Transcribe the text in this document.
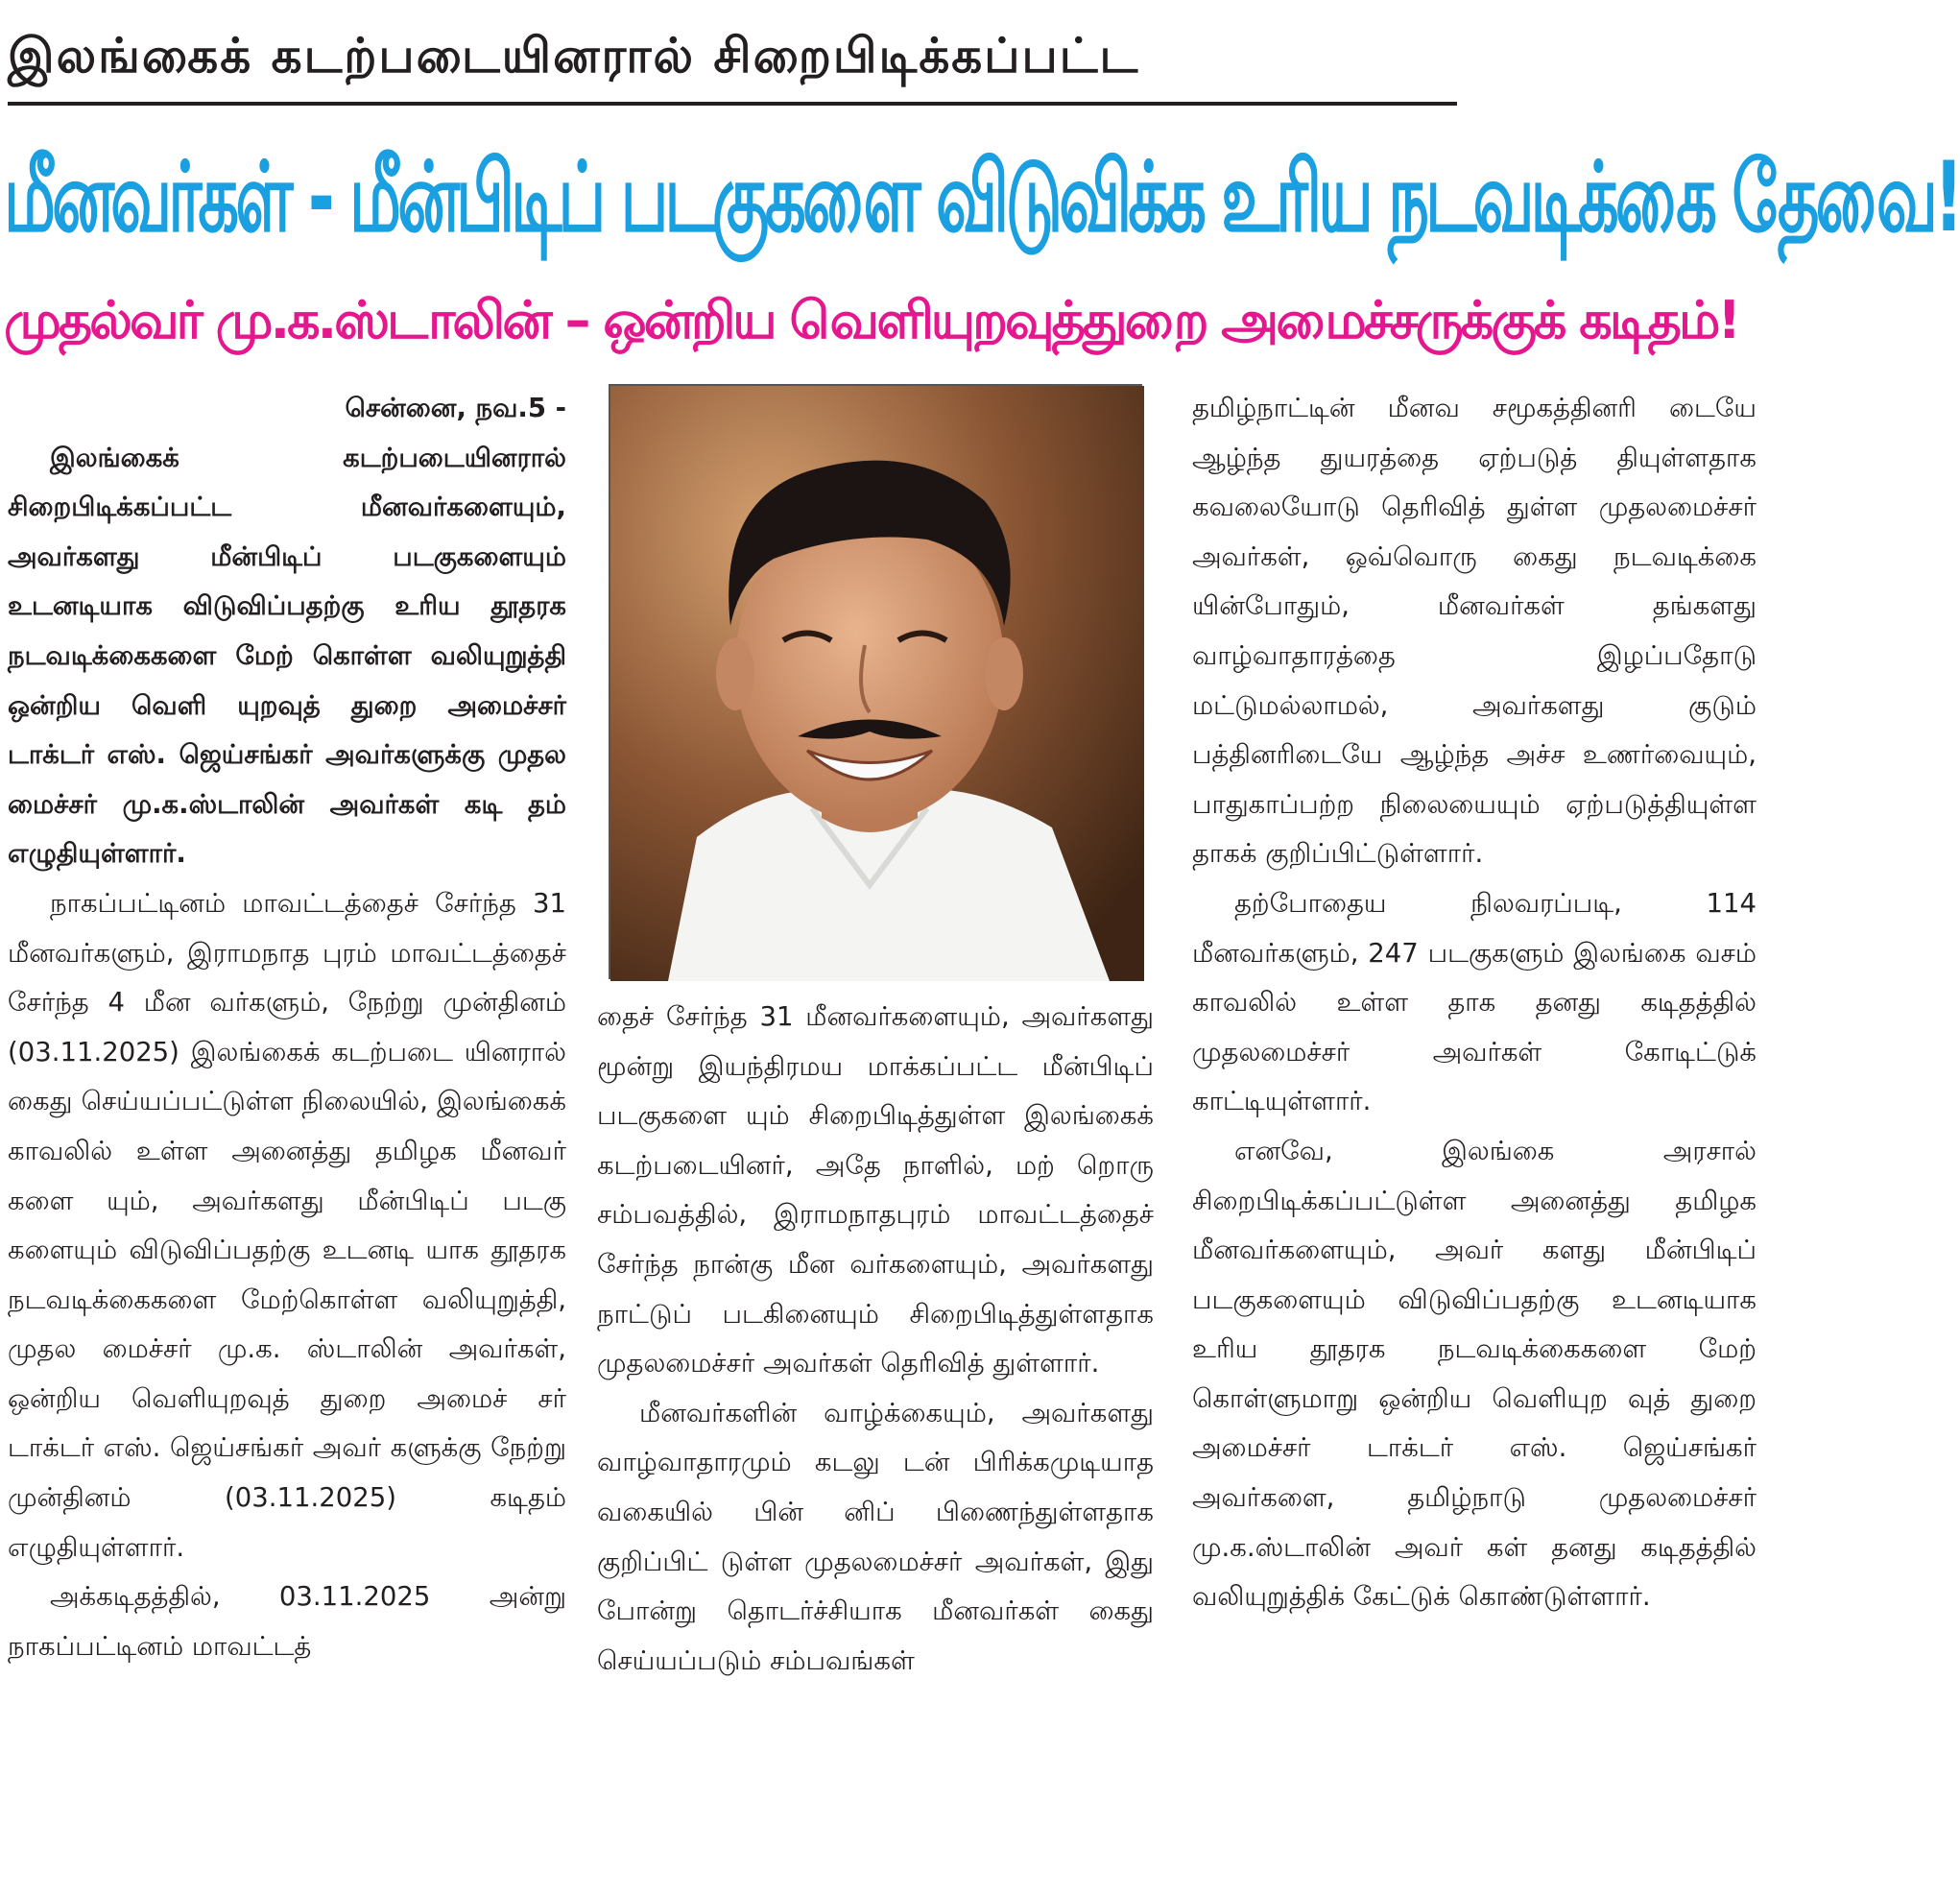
இலங்கைக் கடற்படையினரால் சிறைபிடிக்கப்பட்ட
மீனவர்கள் - மீன்பிடிப் படகுகளை விடுவிக்க உரிய நடவடிக்கை தேவை!
முதல்வர் மு.க.ஸ்டாலின் – ஒன்றிய வெளியுறவுத்துறை அமைச்சருக்குக் கடிதம்!

சென்னை, நவ.5 -

இலங்கைக் கடற்படையினரால் சிறைபிடிக்கப்பட்ட மீனவர்களையும், அவர்களது மீன்பிடிப் படகுகளையும் உடனடியாக விடுவிப்பதற்கு உரிய தூதரக நடவடிக்கைகளை மேற் கொள்ள வலியுறுத்தி ஒன்றிய வெளி யுறவுத் துறை அமைச்சர் டாக்டர் எஸ். ஜெய்சங்கர் அவர்களுக்கு முதல மைச்சர் மு.க.ஸ்டாலின் அவர்கள் கடி தம் எழுதியுள்ளார்.

நாகப்பட்டினம் மாவட்டத்தைச் சேர்ந்த 31 மீனவர்களும், இராமநாத புரம் மாவட்டத்தைச் சேர்ந்த 4 மீன வர்களும், நேற்று முன்தினம் (03.11.2025) இலங்கைக் கடற்படை யினரால் கைது செய்யப்பட்டுள்ள நிலையில், இலங்கைக் காவலில் உள்ள அனைத்து தமிழக மீனவர் களை யும், அவர்களது மீன்பிடிப் படகு களையும் விடுவிப்பதற்கு உடனடி யாக தூதரக நடவடிக்கைகளை மேற்கொள்ள வலியுறுத்தி, முதல மைச்சர் மு.க. ஸ்டாலின் அவர்கள், ஒன்றிய வெளியுறவுத் துறை அமைச் சர் டாக்டர் எஸ். ஜெய்சங்கர் அவர் களுக்கு நேற்று முன்தினம் (03.11.2025) கடிதம் எழுதியுள்ளார்.

அக்கடிதத்தில், 03.11.2025 அன்று நாகப்பட்டினம் மாவட்டத்

தைச் சேர்ந்த 31 மீனவர்களையும், அவர்களது மூன்று இயந்திரமய மாக்கப்பட்ட மீன்பிடிப் படகுகளை யும் சிறைபிடித்துள்ள இலங்கைக் கடற்படையினர், அதே நாளில், மற் றொரு சம்பவத்தில், இராமநாதபுரம் மாவட்டத்தைச் சேர்ந்த நான்கு மீன வர்களையும், அவர்களது நாட்டுப் படகினையும் சிறைபிடித்துள்ளதாக முதலமைச்சர் அவர்கள் தெரிவித் துள்ளார்.

மீனவர்களின் வாழ்க்கையும், அவர்களது வாழ்வாதாரமும் கடலு டன் பிரிக்கமுடியாத வகையில் பின் னிப் பிணைந்துள்ளதாக குறிப்பிட் டுள்ள முதலமைச்சர் அவர்கள், இது போன்று தொடர்ச்சியாக மீனவர்கள் கைது செய்யப்படும் சம்பவங்கள்

தமிழ்நாட்டின் மீனவ சமூகத்தினரி டையே ஆழ்ந்த துயரத்தை ஏற்படுத் தியுள்ளதாக கவலையோடு தெரிவித் துள்ள முதலமைச்சர் அவர்கள், ஒவ்வொரு கைது நடவடிக்கை யின்போதும், மீனவர்கள் தங்களது வாழ்வாதாரத்தை இழப்பதோடு மட்டுமல்லாமல், அவர்களது குடும் பத்தினரிடையே ஆழ்ந்த அச்ச உணர்வையும், பாதுகாப்பற்ற நிலையையும் ஏற்படுத்தியுள்ள தாகக் குறிப்பிட்டுள்ளார்.

தற்போதைய நிலவரப்படி, 114 மீனவர்களும், 247 படகுகளும் இலங்கை வசம் காவலில் உள்ள தாக தனது கடிதத்தில் முதலமைச்சர் அவர்கள் கோடிட்டுக் காட்டியுள்ளார்.

எனவே, இலங்கை அரசால் சிறைபிடிக்கப்பட்டுள்ள அனைத்து தமிழக மீனவர்களையும், அவர் களது மீன்பிடிப் படகுகளையும் விடுவிப்பதற்கு உடனடியாக உரிய தூதரக நடவடிக்கைகளை மேற் கொள்ளுமாறு ஒன்றிய வெளியுற வுத் துறை அமைச்சர் டாக்டர் எஸ். ஜெய்சங்கர் அவர்களை, தமிழ்நாடு முதலமைச்சர் மு.க.ஸ்டாலின் அவர் கள் தனது கடிதத்தில் வலியுறுத்திக் கேட்டுக் கொண்டுள்ளார்.
